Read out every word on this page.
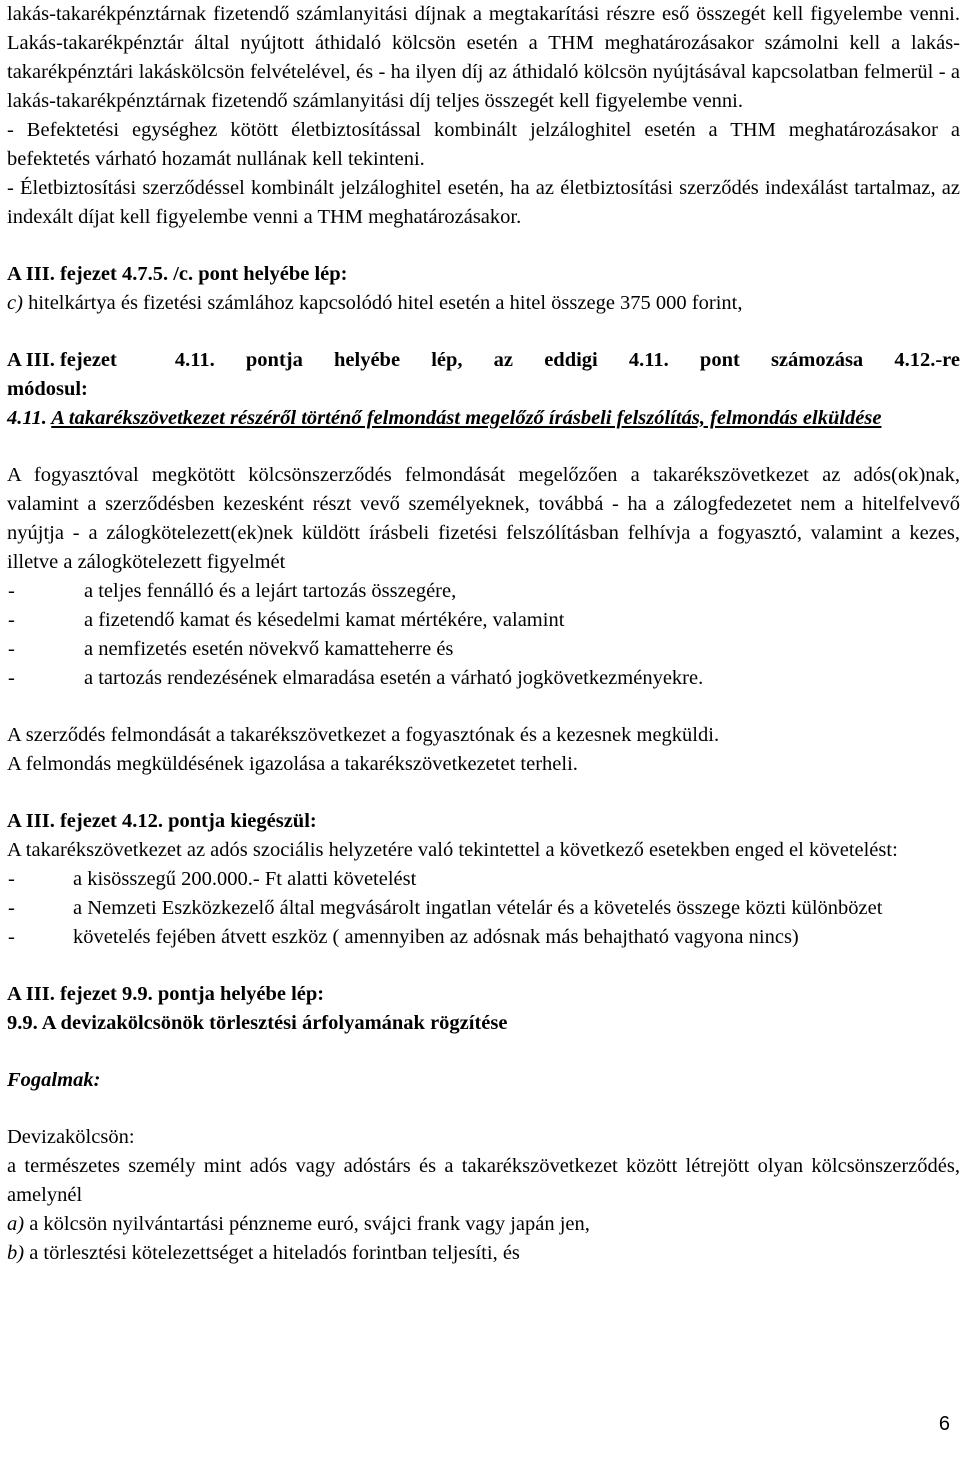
lakás-takarékpénztárnak fizetendő számlanyitási díjnak a megtakarítási részre eső összegét kell figyelembe venni. Lakás-takarékpénztár által nyújtott áthidaló kölcsön esetén a THM meghatározásakor számolni kell a lakás-takarékpénztári lakáskölcsön felvételével, és - ha ilyen díj az áthidaló kölcsön nyújtásával kapcsolatban felmerül - a lakás-takarékpénztárnak fizetendő számlanyitási díj teljes összegét kell figyelembe venni.

- Befektetési egységhez kötött életbiztosítással kombinált jelzáloghitel esetén a THM meghatározásakor a befektetés várható hozamát nullának kell tekinteni.

- Életbiztosítási szerződéssel kombinált jelzáloghitel esetén, ha az életbiztosítási szerződés indexálást tartalmaz, az indexált díjat kell figyelembe venni a THM meghatározásakor.

A III. fejezet 4.7.5. /c. pont helyébe lép:

c) hitelkártya és fizetési számlához kapcsolódó hitel esetén a hitel összege 375 000 forint,

A III. fejezet	4.11. pontja helyébe lép, az eddigi 4.11. pont számozása 4.12.-re

módosul:

4.11. A takarékszövetkezet részéről történő felmondást megelőző írásbeli felszólítás, felmondás elküldése

A fogyasztóval megkötött kölcsönszerződés felmondását megelőzően a takarékszövetkezet az adós(ok)nak, valamint a szerződésben kezesként részt vevő személyeknek, továbbá - ha a zálogfedezetet nem a hitelfelvevő nyújtja - a zálogkötelezett(ek)nek küldött írásbeli fizetési felszólításban felhívja a fogyasztó, valamint a kezes, illetve a zálogkötelezett figyelmét

-	a teljes fennálló és a lejárt tartozás összegére,
-	a fizetendő kamat és késedelmi kamat mértékére, valamint
-	a nemfizetés esetén növekvő kamatteherre és
-	a tartozás rendezésének elmaradása esetén a várható jogkövetkezményekre.

A szerződés felmondását a takarékszövetkezet a fogyasztónak és a kezesnek megküldi.

A felmondás megküldésének igazolása a takarékszövetkezetet terheli.

A III. fejezet 4.12. pontja kiegészül:

A takarékszövetkezet az adós szociális helyzetére való tekintettel a következő esetekben enged el követelést:

-	a kisösszegű 200.000.- Ft alatti követelést
-	a Nemzeti Eszközkezelő által megvásárolt ingatlan vételár és a követelés összege közti különbözet
-	követelés fejében átvett eszköz ( amennyiben az adósnak más behajtható vagyona nincs)

A III. fejezet 9.9. pontja helyébe lép:

9.9. A devizakölcsönök törlesztési árfolyamának rögzítése

Fogalmak:

Devizakölcsön:

a természetes személy mint adós vagy adóstárs és a takarékszövetkezet között létrejött olyan kölcsönszerződés, amelynél

a) a kölcsön nyilvántartási pénzneme euró, svájci frank vagy japán jen,

b) a törlesztési kötelezettséget a hiteladós forintban teljesíti, és

6
